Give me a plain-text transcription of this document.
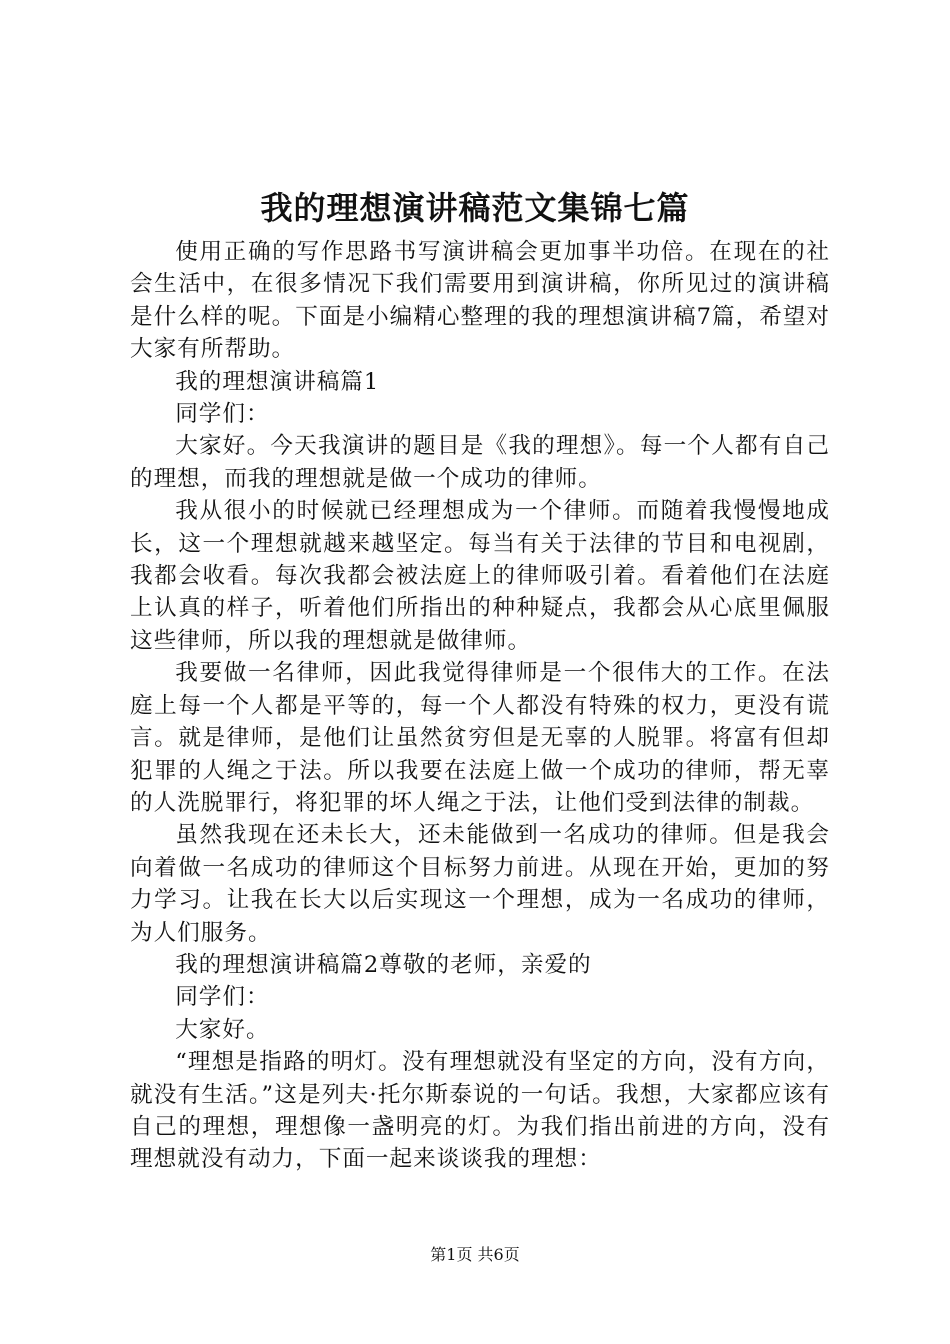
我的理想演讲稿范文集锦七篇

使用正确的写作思路书写演讲稿会更加事半功倍。在现在的社会生活中，在很多情况下我们需要用到演讲稿，你所见过的演讲稿是什么样的呢。下面是小编精心整理的我的理想演讲稿7篇，希望对大家有所帮助。

我的理想演讲稿篇1

同学们：

大家好。今天我演讲的题目是《我的理想》。每一个人都有自己的理想，而我的理想就是做一个成功的律师。

我从很小的时候就已经理想成为一个律师。而随着我慢慢地成长，这一个理想就越来越坚定。每当有关于法律的节目和电视剧，我都会收看。每次我都会被法庭上的律师吸引着。看着他们在法庭上认真的样子，听着他们所指出的种种疑点，我都会从心底里佩服这些律师，所以我的理想就是做律师。

我要做一名律师，因此我觉得律师是一个很伟大的工作。在法庭上每一个人都是平等的，每一个人都没有特殊的权力，更没有谎言。就是律师，是他们让虽然贫穷但是无辜的人脱罪。将富有但却犯罪的人绳之于法。所以我要在法庭上做一个成功的律师，帮无辜的人洗脱罪行，将犯罪的坏人绳之于法，让他们受到法律的制裁。

虽然我现在还未长大，还未能做到一名成功的律师。但是我会向着做一名成功的律师这个目标努力前进。从现在开始，更加的努力学习。让我在长大以后实现这一个理想，成为一名成功的律师，为人们服务。

我的理想演讲稿篇2尊敬的老师，亲爱的

同学们：

大家好。

“理想是指路的明灯。没有理想就没有坚定的方向，没有方向，就没有生活。”这是列夫·托尔斯泰说的一句话。我想，大家都应该有自己的理想，理想像一盏明亮的灯。为我们指出前进的方向，没有理想就没有动力，下面一起来谈谈我的理想：

第1页 共6页
